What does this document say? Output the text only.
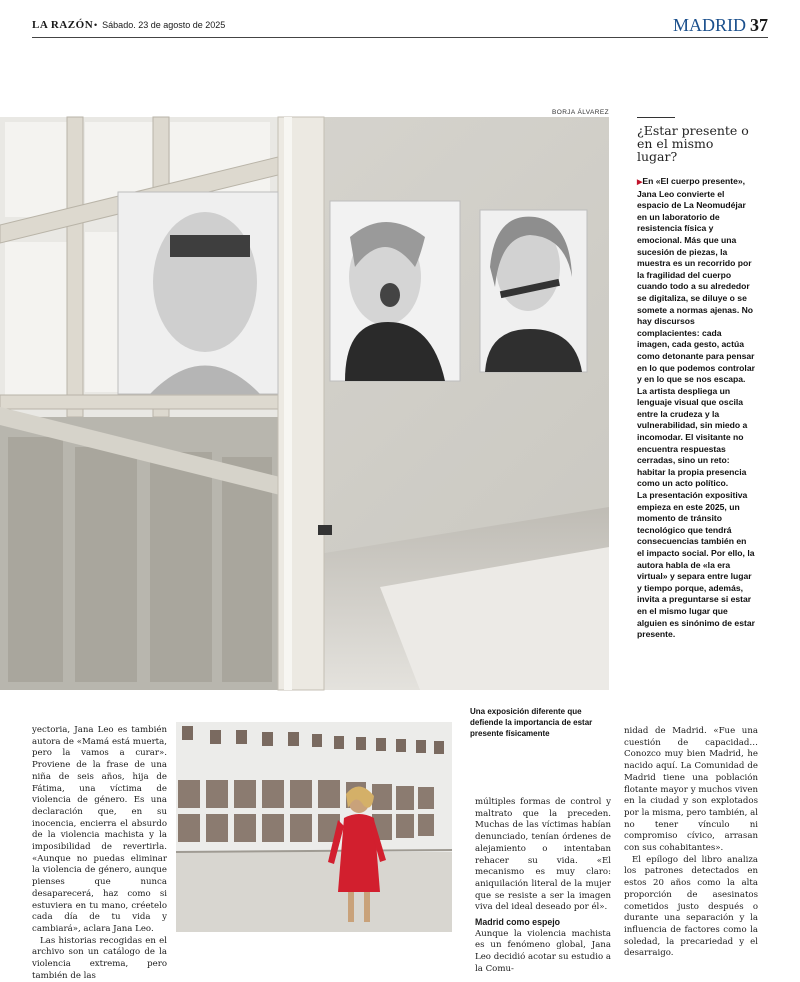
LA RAZÓN • Sábado. 23 de agosto de 2025	MADRID 37
BORJA ÁLVAREZ
¿Estar presente o en el mismo lugar?

▶En «El cuerpo presente», Jana Leo convierte el espacio de La Neomudéjar en un laboratorio de resistencia física y emocional. Más que una sucesión de piezas, la muestra es un recorrido por la fragilidad del cuerpo cuando todo a su alrededor se digitaliza, se diluye o se somete a normas ajenas. No hay discursos complacientes: cada imagen, cada gesto, actúa como detonante para pensar en lo que podemos controlar y en lo que se nos escapa. La artista despliega un lenguaje visual que oscila entre la crudeza y la vulnerabilidad, sin miedo a incomodar. El visitante no encuentra respuestas cerradas, sino un reto: habitar la propia presencia como un acto político.

La presentación expositiva empieza en este 2025, un momento de tránsito tecnológico que tendrá consecuencias también en el impacto social. Por ello, la autora habla de «la era virtual» y separa entre lugar y tiempo porque, además, invita a preguntarse si estar en el mismo lugar que alguien es sinónimo de estar presente.

Una exposición diferente que defiende la importancia de estar presente físicamente

yectoria, Jana Leo es también autora de «Mamá está muerta, pero la vamos a curar». Proviene de la frase de una niña de seis años, hija de Fátima, una víctima de violencia de género. Es una declaración que, en su inocencia, encierra el absurdo de la violencia machista y la imposibilidad de revertirla. «Aunque no puedas eliminar la violencia de género, aunque pienses que nunca desaparecerá, haz como si estuviera en tu mano, créetelo cada día de tu vida y cambiará», aclara Jana Leo.

Las historias recogidas en el archivo son un catálogo de la violencia extrema, pero también de las

múltiples formas de control y maltrato que la preceden. Muchas de las víctimas habían denunciado, tenían órdenes de alejamiento o intentaban rehacer su vida. «El mecanismo es muy claro: aniquilación literal de la mujer que se resiste a ser la imagen viva del ideal deseado por él».

Madrid como espejo

Aunque la violencia machista es un fenómeno global, Jana Leo decidió acotar su estudio a la Comu-

nidad de Madrid. «Fue una cuestión de capacidad… Conozco muy bien Madrid, he nacido aquí. La Comunidad de Madrid tiene una población flotante mayor y muchos viven en la ciudad y son explotados por la misma, pero también, al no tener vínculo ni compromiso cívico, arrasan con sus cohabitantes».

El epílogo del libro analiza los patrones detectados en estos 20 años como la alta proporción de asesinatos cometidos justo después o durante una separación y la influencia de factores como la soledad, la precariedad y el desarraigo.
